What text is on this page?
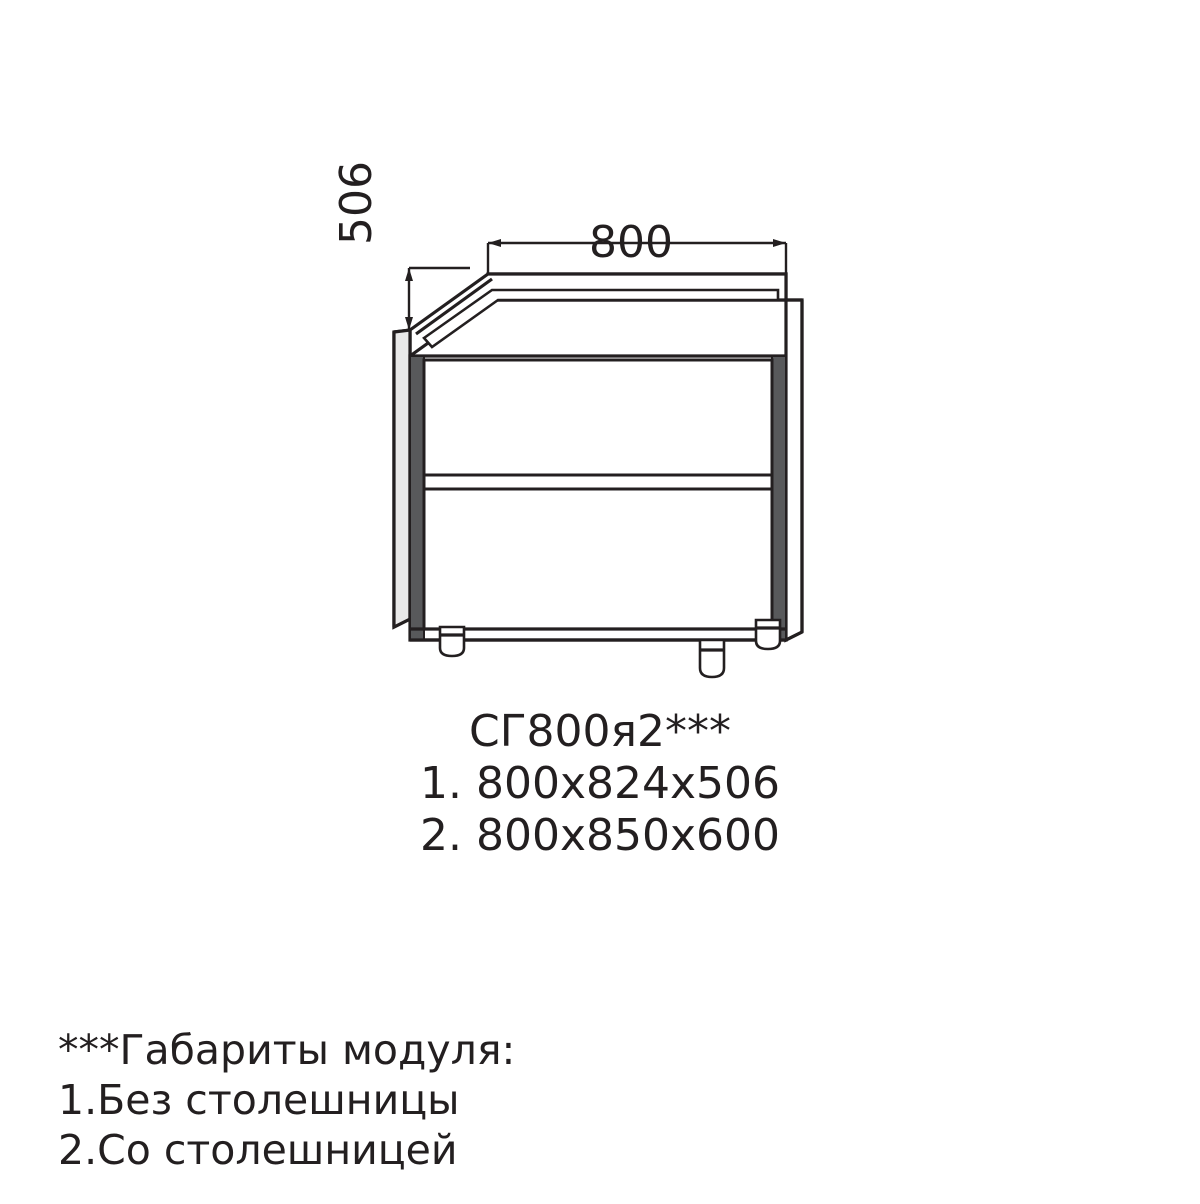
800
506
СГ800я2***
1. 800x824x506
2. 800x850x600
***Габариты модуля:
1.Без столешницы
2.Со столешницей
